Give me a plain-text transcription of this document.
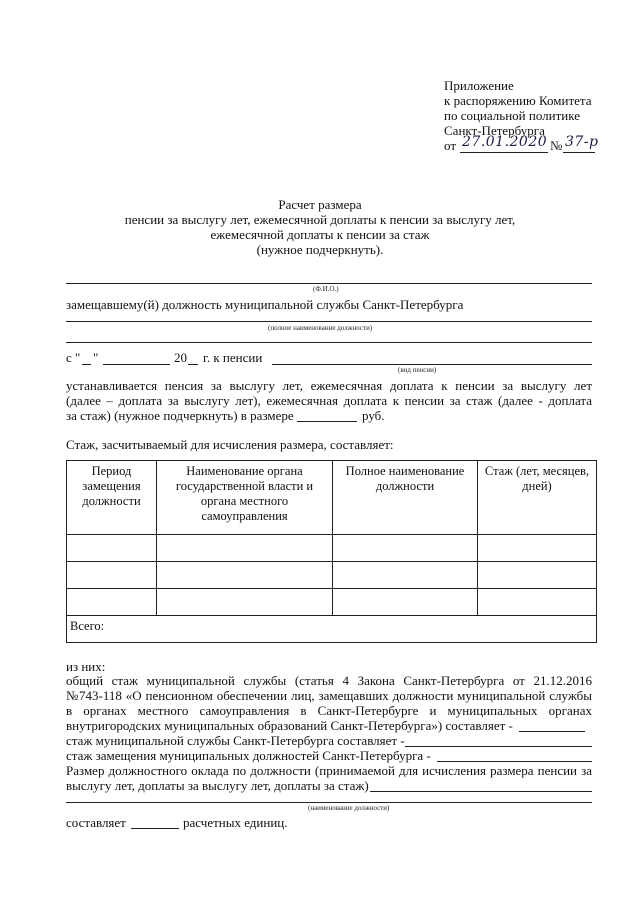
Приложение
к распоряжению Комитета
по социальной политике
Санкт-Петербурга
от 27.01.2020 № 37-р
Расчет размера
пенсии за выслугу лет, ежемесячной доплаты к пенсии за выслугу лет,
ежемесячной доплаты к пенсии за стаж
(нужное подчеркнуть).
(Ф.И.О.)
замещавшему(й) должность муниципальной службы Санкт-Петербурга
(полное наименование должности)
с " "	20 г. к пенсии
(вид пенсии)
устанавливается пенсия за выслугу лет, ежемесячная доплата к пенсии за выслугу лет
(далее – доплата за выслугу лет), ежемесячная доплата к пенсии за стаж (далее - доплата
за стаж) (нужное подчеркнуть) в размере	руб.
Стаж, засчитываемый для исчисления размера, составляет:
Период замещения должности	Наименование органа государственной власти и органа местного самоуправления	Полное наименование должности	Стаж (лет, месяцев, дней)

Всего:			
из них:
общий стаж муниципальной службы (статья 4 Закона Санкт-Петербурга от 21.12.2016
№743-118 «О пенсионном обеспечении лиц, замещавших должности муниципальной службы
в органах местного самоуправления в Санкт-Петербурге и муниципальных органах
внутригородских муниципальных образований Санкт-Петербурга») составляет -
стаж муниципальной службы Санкт-Петербурга составляет -
стаж замещения муниципальных должностей Санкт-Петербурга -
Размер должностного оклада по должности (принимаемой для исчисления размера пенсии за
выслугу лет, доплаты за выслугу лет, доплаты за стаж)
(наименование должности)
составляет	расчетных единиц.
